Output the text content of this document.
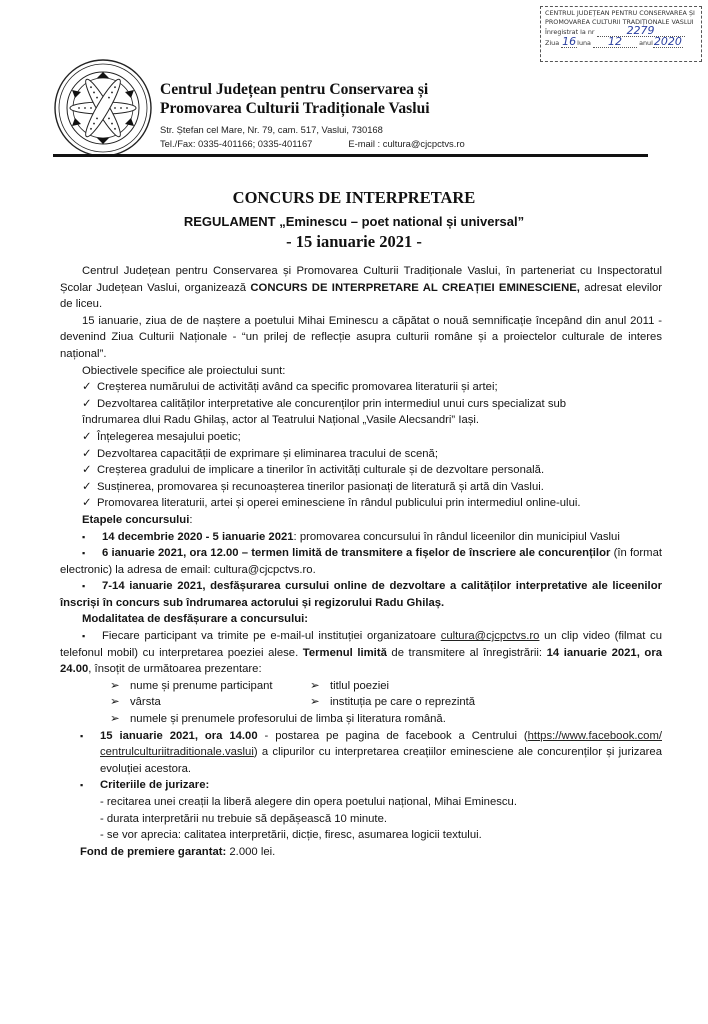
CENTRUL JUDEȚEAN PENTRU CONSERVAREA ȘI
PROMOVAREA CULTURII TRADIȚIONALE VASLUI
Înregistrat la nr	2279
Ziua 16luna 12	anul2020
Centrul Județean pentru Conservarea și
Promovarea Culturii Tradiționale Vaslui
Str. Ștefan cel Mare, Nr. 79, cam. 517, Vaslui, 730168
Tel./Fax: 0335-401166; 0335-401167	E-mail : cultura@cjcpctvs.ro
CONCURS DE INTERPRETARE
REGULAMENT „Eminescu – poet national și universal”
- 15 ianuarie 2021 -

Centrul Județean pentru Conservarea și Promovarea Culturii Tradiționale Vaslui, în parteneriat cu Inspectoratul Școlar Județean Vaslui, organizează CONCURS DE INTERPRETARE AL CREAȚIEI EMINESCIENE, adresat elevilor de liceu.

15 ianuarie, ziua de de naștere a poetului Mihai Eminescu a căpătat o nouă semnificație începând din anul 2011 - devenind Ziua Culturii Naționale - “un prilej de reflecție asupra culturii române și a proiectelor culturale de interes național”.

Obiectivele specifice ale proiectului sunt:

✓ Creșterea numărului de activități având ca specific promovarea literaturii și artei;

✓ Dezvoltarea calităților interpretative ale concurenților prin intermediul unui curs specializat sub

îndrumarea dlui Radu Ghilaș, actor al Teatrului Național „Vasile Alecsandri” Iași.

✓ Înțelegerea mesajului poetic;

✓ Dezvoltarea capacității de exprimare și eliminarea tracului de scenă;

✓ Creșterea gradului de implicare a tinerilor în activități culturale și de dezvoltare personală.

✓ Susținerea, promovarea și recunoașterea tinerilor pasionați de literatură și artă din Vaslui.

✓ Promovarea literaturii, artei și operei eminesciene în rândul publicului prin intermediul online-ului.

Etapele concursului:

▪ 14 decembrie 2020 - 5 ianuarie 2021: promovarea concursului în rândul liceenilor din municipiul Vaslui

▪ 6 ianuarie 2021, ora 12.00 – termen limită de transmitere a fișelor de înscriere ale concurenților (în format electronic) la adresa de email: cultura@cjcpctvs.ro.

▪ 7-14 ianuarie 2021, desfășurarea cursului online de dezvoltare a calităților interpretative ale liceenilor înscriși în concurs sub îndrumarea actorului și regizorului Radu Ghilaș.

Modalitatea de desfășurare a concursului:

▪ Fiecare participant va trimite pe e-mail-ul instituției organizatoare cultura@cjcpctvs.ro un clip video (filmat cu telefonul mobil) cu interpretarea poeziei alese. Termenul limită de transmitere al înregistrării: 14 ianuarie 2021, ora 24.00, însoțit de următoarea prezentare:

➢ nume și prenume participant	➢ titlul poeziei
➢ vârsta	➢ instituția pe care o reprezintă
➢ numele și prenumele profesorului de limba și literatura română.

▪ 15 ianuarie 2021, ora 14.00 - postarea pe pagina de facebook a Centrului (https://www.facebook.com/ centrulculturiitraditionale.vaslui) a clipurilor cu interpretarea creațiilor eminesciene ale concurenților și jurizarea evoluției acestora.

▪ Criteriile de jurizare:

- recitarea unei creații la liberă alegere din opera poetului național, Mihai Eminescu.

- durata interpretării nu trebuie să depășească 10 minute.

- se vor aprecia: calitatea interpretării, dicție, firesc, asumarea logicii textului.

Fond de premiere garantat: 2.000 lei.
